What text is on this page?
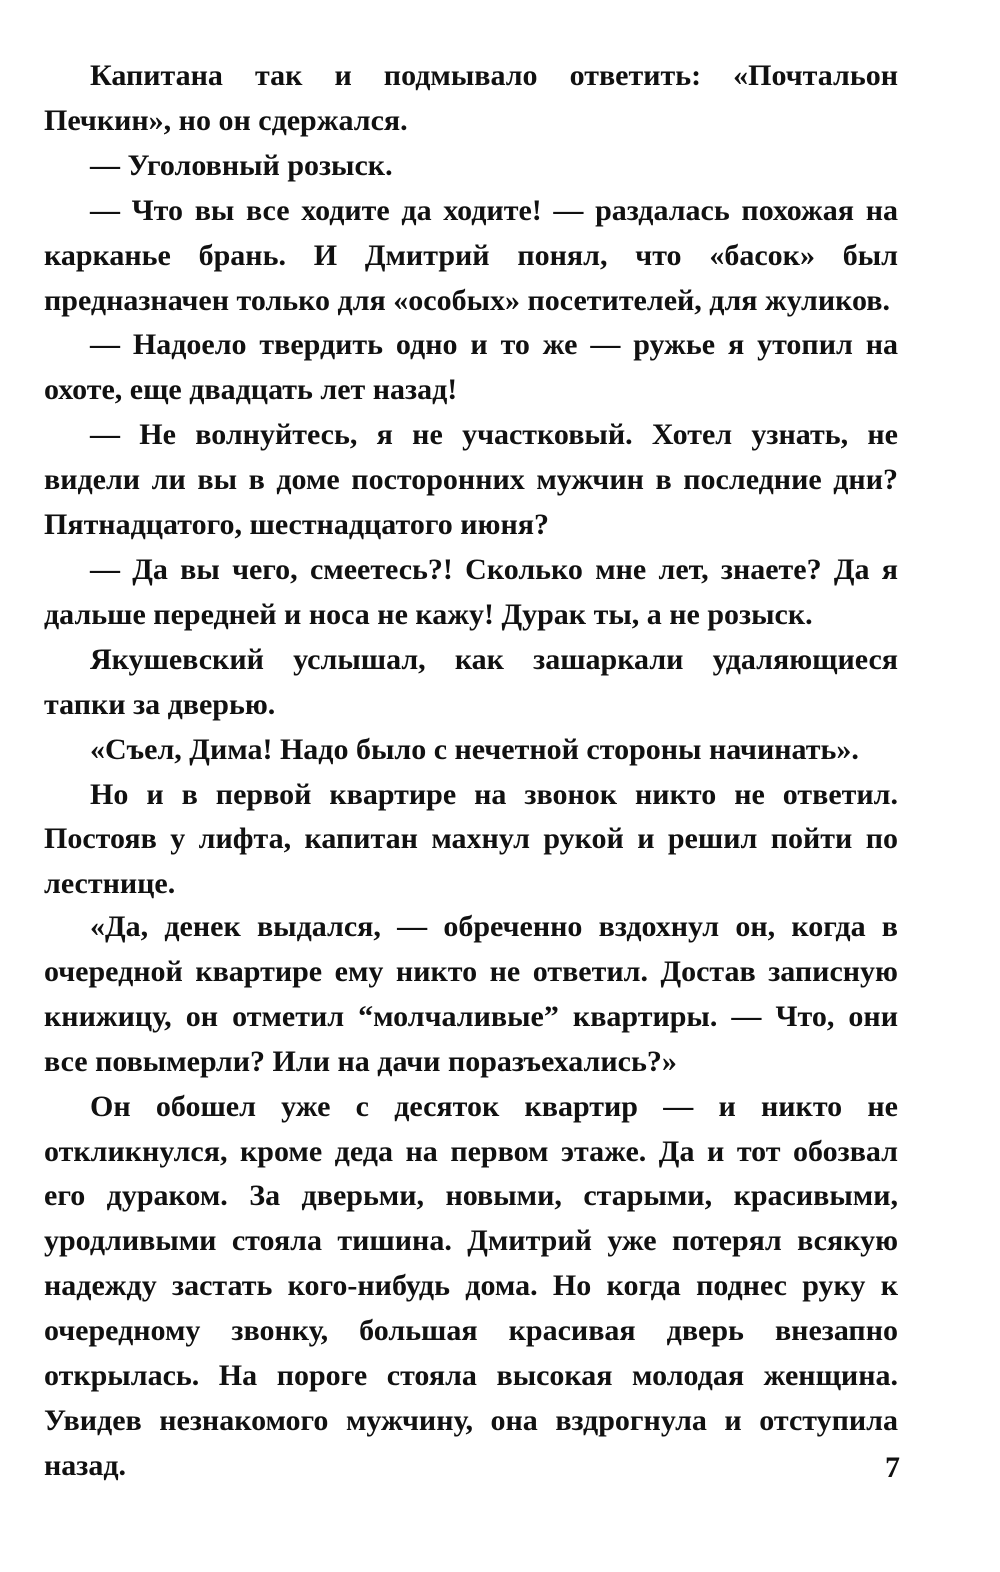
Капитана так и подмывало ответить: «Почтальон Печкин», но он сдержался.

— Уголовный розыск.

— Что вы все ходите да ходите! — раздалась похожая на карканье брань. И Дмитрий понял, что «басок» был предназначен только для «особых» посетителей, для жуликов.

— Надоело твердить одно и то же — ружье я утопил на охоте, еще двадцать лет назад!

— Не волнуйтесь, я не участковый. Хотел узнать, не видели ли вы в доме посторонних мужчин в последние дни? Пятнадцатого, шестнадцатого июня?

— Да вы чего, смеетесь?! Сколько мне лет, знаете? Да я дальше передней и носа не кажу! Дурак ты, а не розыск.

Якушевский услышал, как зашаркали удаляющиеся тапки за дверью.

«Съел, Дима! Надо было с нечетной стороны начинать».

Но и в первой квартире на звонок никто не ответил. Постояв у лифта, капитан махнул рукой и решил пойти по лестнице.

«Да, денек выдался, — обреченно вздохнул он, когда в очередной квартире ему никто не ответил. Достав записную книжицу, он отметил “молчаливые” квартиры. — Что, они все повымерли? Или на дачи поразъехались?»

Он обошел уже с десяток квартир — и никто не откликнулся, кроме деда на первом этаже. Да и тот обозвал его дураком. За дверьми, новыми, старыми, красивыми, уродливыми стояла тишина. Дмитрий уже потерял всякую надежду застать кого-нибудь дома. Но когда поднес руку к очередному звонку, большая красивая дверь внезапно открылась. На пороге стояла высокая молодая женщина. Увидев незнакомого мужчину, она вздрогнула и отступила назад.	7
